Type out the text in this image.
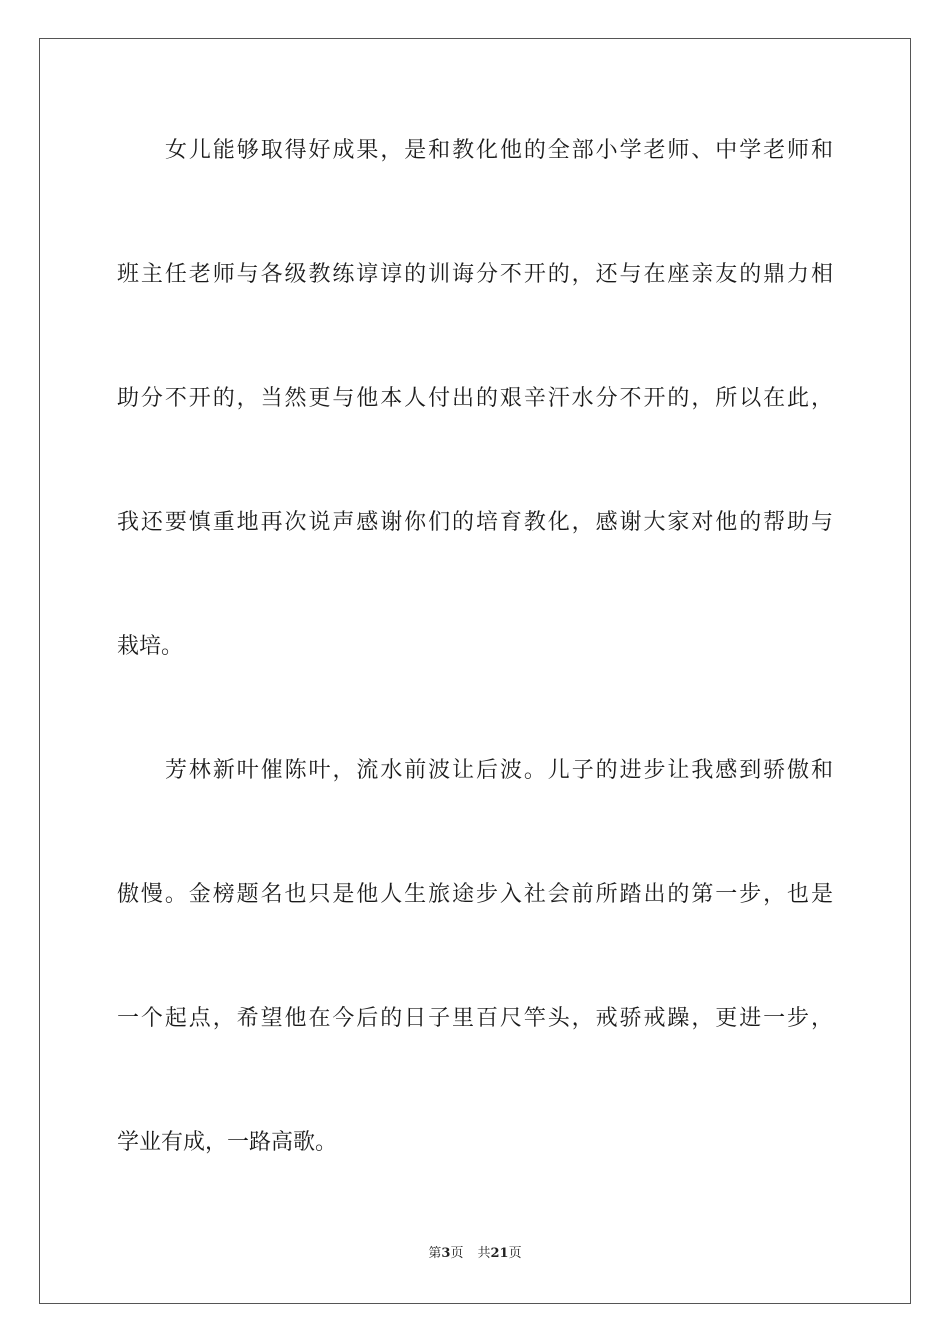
女儿能够取得好成果，是和教化他的全部小学老师、中学老师和
班主任老师与各级教练谆谆的训诲分不开的，还与在座亲友的鼎力相
助分不开的，当然更与他本人付出的艰辛汗水分不开的，所以在此，
我还要慎重地再次说声感谢你们的培育教化，感谢大家对他的帮助与
栽培。
芳林新叶催陈叶，流水前波让后波。儿子的进步让我感到骄傲和
傲慢。金榜题名也只是他人生旅途步入社会前所踏出的第一步，也是
一个起点，希望他在今后的日子里百尺竿头，戒骄戒躁，更进一步，
学业有成，一路高歌。
第3页 共21页
